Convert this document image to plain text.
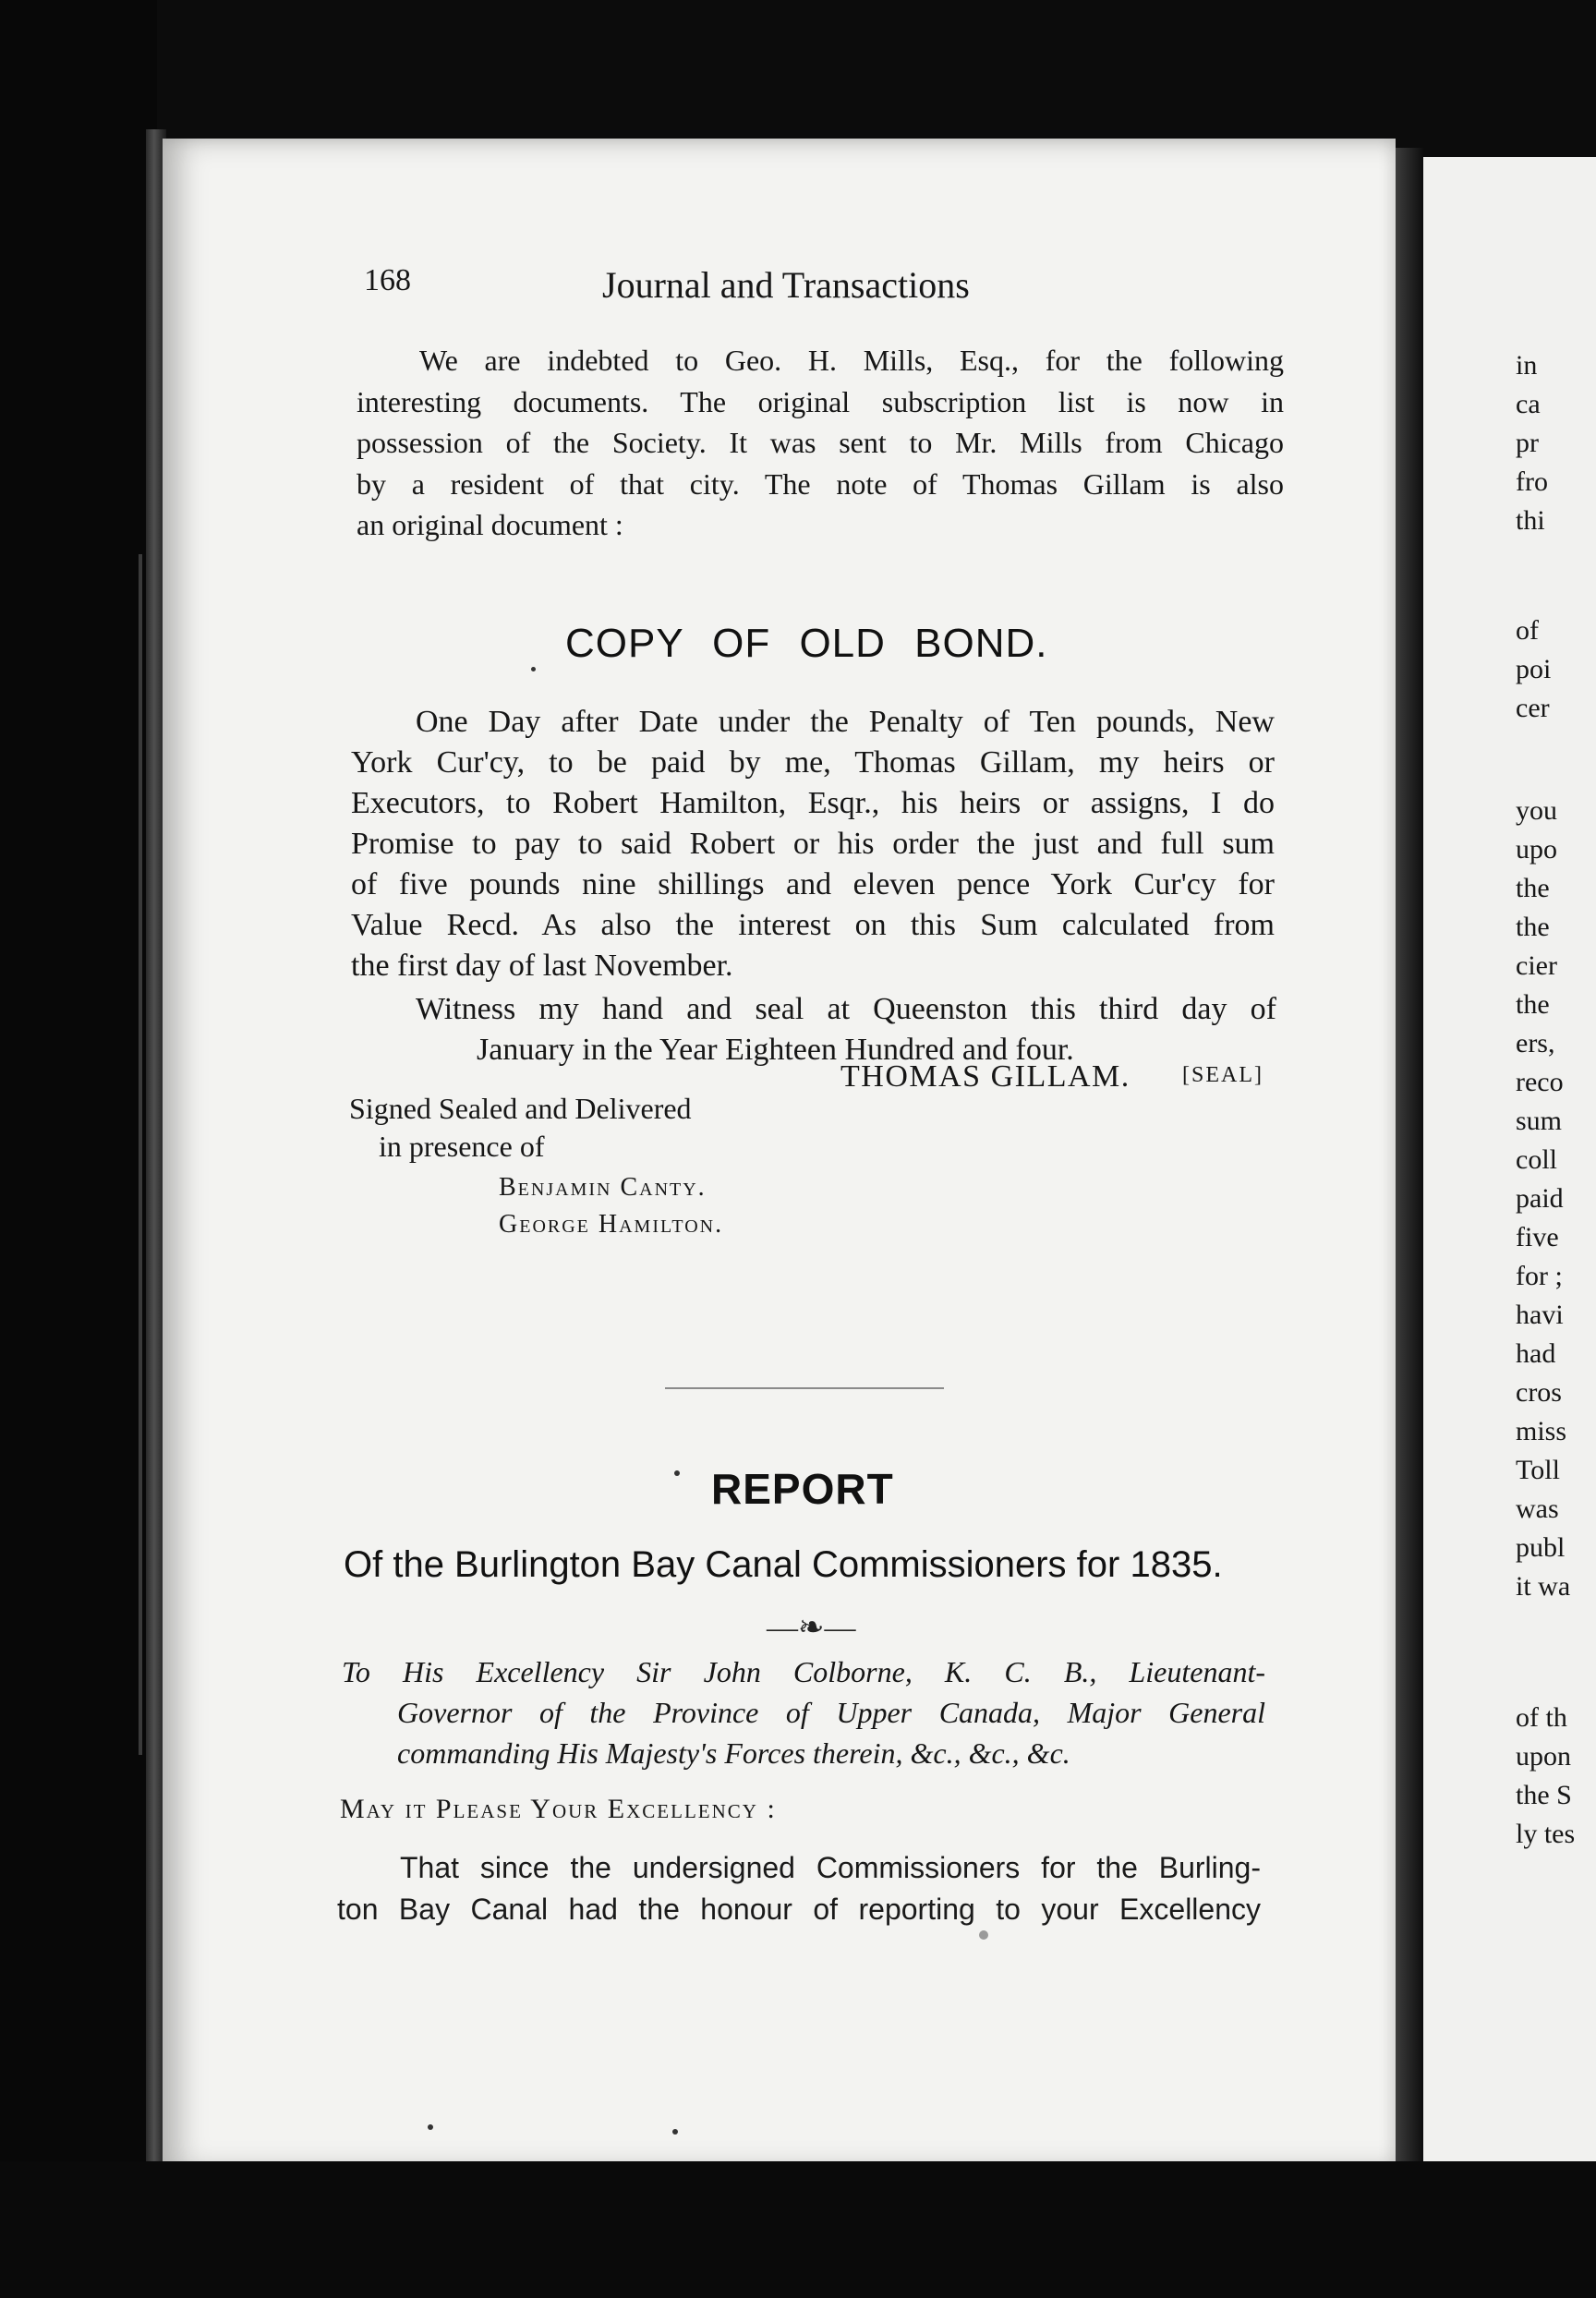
in
ca
pr
fro
thi
of
poi
cer
you
upo
the
the
cier
the
ers,
reco
sum
coll
paid
five
for ;
havi
had
cros
miss
Toll
was
publ
it wa
of th
upon
the S
ly tes
168	Journal and Transactions
We are indebted to Geo. H. Mills, Esq., for the following
interesting documents. The original subscription list is now in
possession of the Society. It was sent to Mr. Mills from Chicago
by a resident of that city. The note of Thomas Gillam is also
an original document :
COPY OF OLD BOND.
One Day after Date under the Penalty of Ten pounds, New
York Cur'cy, to be paid by me, Thomas Gillam, my heirs or
Executors, to Robert Hamilton, Esqr., his heirs or assigns, I do
Promise to pay to said Robert or his order the just and full sum
of five pounds nine shillings and eleven pence York Cur'cy for
Value Recd. As also the interest on this Sum calculated from
the first day of last November.
Witness my hand and seal at Queenston this third day of
January in the Year Eighteen Hundred and four.
THOMAS GILLAM. [SEAL]
Signed Sealed and Delivered
in presence of
Benjamin Canty.
George Hamilton.
REPORT
Of the Burlington Bay Canal Commissioners for 1835.
—❧—
To His Excellency Sir John Colborne, K. C. B., Lieutenant-
Governor of the Province of Upper Canada, Major General
commanding His Majesty's Forces therein, &c., &c., &c.
May it Please Your Excellency :
That since the undersigned Commissioners for the Burling-
ton Bay Canal had the honour of reporting to your Excellency
